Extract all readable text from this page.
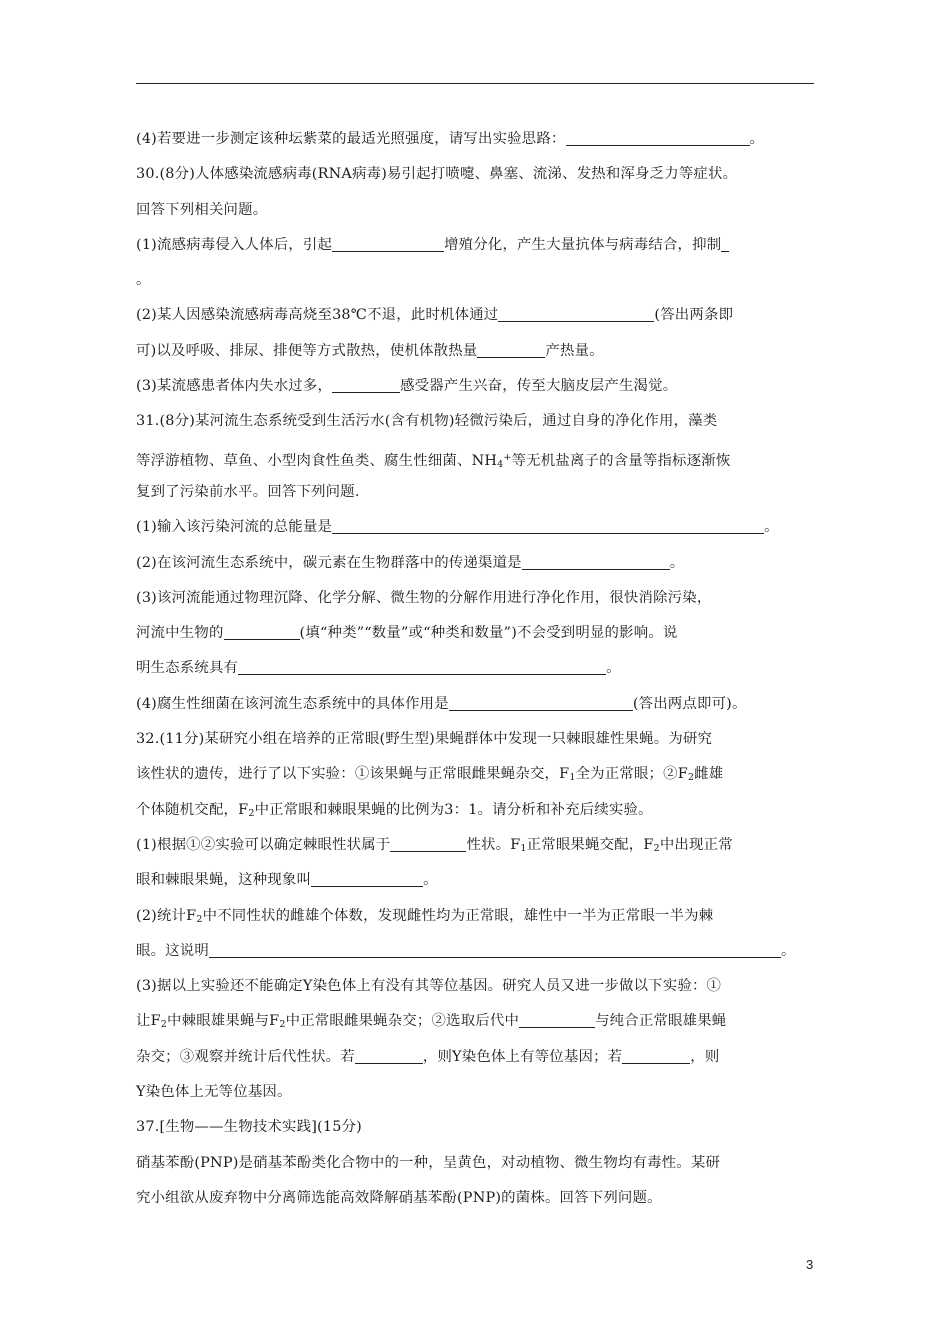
(4)若要进一步测定该种坛紫菜的最适光照强度，请写出实验思路：	。
30.(8分)人体感染流感病毒(RNA病毒)易引起打喷嚏、鼻塞、流涕、发热和浑身乏力等症状。
回答下列相关问题。
(1)流感病毒侵入人体后，引起	增殖分化，产生大量抗体与病毒结合，抑制
。
(2)某人因感染流感病毒高烧至38℃不退，此时机体通过	(答出两条即
可)以及呼吸、排尿、排便等方式散热，使机体散热量	产热量。
(3)某流感患者体内失水过多，	感受器产生兴奋，传至大脑皮层产生渴觉。
31.(8分)某河流生态系统受到生活污水(含有机物)轻微污染后，通过自身的净化作用，藻类
等浮游植物、草鱼、小型肉食性鱼类、腐生性细菌、$NH_4^+$等无机盐离子的含量等指标逐渐恢
复到了污染前水平。回答下列问题.
(1)输入该污染河流的总能量是	。
(2)在该河流生态系统中，碳元素在生物群落中的传递渠道是	。
(3)该河流能通过物理沉降、化学分解、微生物的分解作用进行净化作用，很快消除污染，
河流中生物的	(填“种类”“数量”或“种类和数量”)不会受到明显的影响。说
明生态系统具有	。
(4)腐生性细菌在该河流生态系统中的具体作用是	(答出两点即可)。
32.(11分)某研究小组在培养的正常眼(野生型)果蝇群体中发现一只棘眼雄性果蝇。为研究
该性状的遗传，进行了以下实验：①该果蝇与正常眼雌果蝇杂交，$F_1$全为正常眼；$②F_2$雌雄
个体随机交配，$F_2$中正常眼和棘眼果蝇的比例为3：1。请分析和补充后续实验。
(1)根据①②实验可以确定棘眼性状属于	性状。$F_1$正常眼果蝇交配，$F_2$中出现正常
眼和棘眼果蝇，这种现象叫	。
(2)统计$F_2$中不同性状的雌雄个体数，发现雌性均为正常眼，雄性中一半为正常眼一半为棘
眼。这说明	。
(3)据以上实验还不能确定Y染色体上有没有其等位基因。研究人员又进一步做以下实验：①
让$F_2$中棘眼雄果蝇与$F_2$中正常眼雌果蝇杂交；②选取后代中	与纯合正常眼雄果蝇
杂交；③观察并统计后代性状。若	，则Y染色体上有等位基因；若	，则
Y染色体上无等位基因。
37.[生物——生物技术实践](15分)
硝基苯酚(PNP)是硝基苯酚类化合物中的一种，呈黄色，对动植物、微生物均有毒性。某研
究小组欲从废弃物中分离筛选能高效降解硝基苯酚(PNP)的菌株。回答下列问题。
3
